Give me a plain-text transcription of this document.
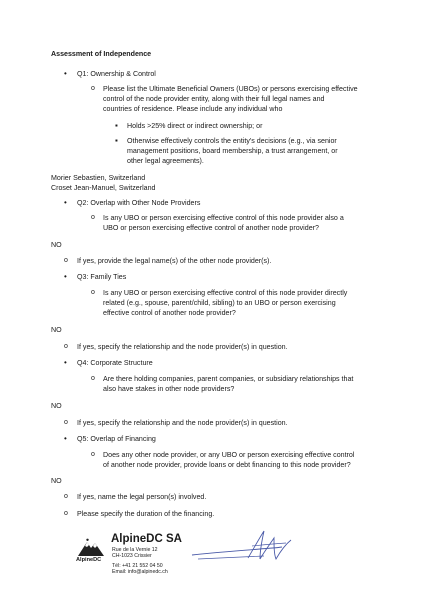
Assessment of Independence
• Q1: Ownership & Control
o Please list the Ultimate Beneficial Owners (UBOs) or persons exercising effective
control of the node provider entity, along with their full legal names and
countries of residence. Please include any individual who
▪ Holds >25% direct or indirect ownership; or
▪ Otherwise effectively controls the entity's decisions (e.g., via senior
management positions, board membership, a trust arrangement, or
other legal agreements).
Morier Sebastien, Switzerland
Croset Jean-Manuel, Switzerland
• Q2: Overlap with Other Node Providers
o Is any UBO or person exercising effective control of this node provider also a
UBO or person exercising effective control of another node provider?
NO
o If yes, provide the legal name(s) of the other node provider(s).
• Q3: Family Ties
o Is any UBO or person exercising effective control of this node provider directly
related (e.g., spouse, parent/child, sibling) to an UBO or person exercising
effective control of another node provider?
NO
o If yes, specify the relationship and the node provider(s) in question.
• Q4: Corporate Structure
o Are there holding companies, parent companies, or subsidiary relationships that
also have stakes in other node providers?
NO
o If yes, specify the relationship and the node provider(s) in question.
• Q5: Overlap of Financing
o Does any other node provider, or any UBO or person exercising effective control
of another node provider, provide loans or debt financing to this node provider?
NO
o If yes, name the legal person(s) involved.
o Please specify the duration of the financing.
AlpineDC
AlpineDC SA
Rue de la Vernie 12
CH-1023 Crissier
Tél: +41 21 552 04 50
Email: info@alpinedc.ch
